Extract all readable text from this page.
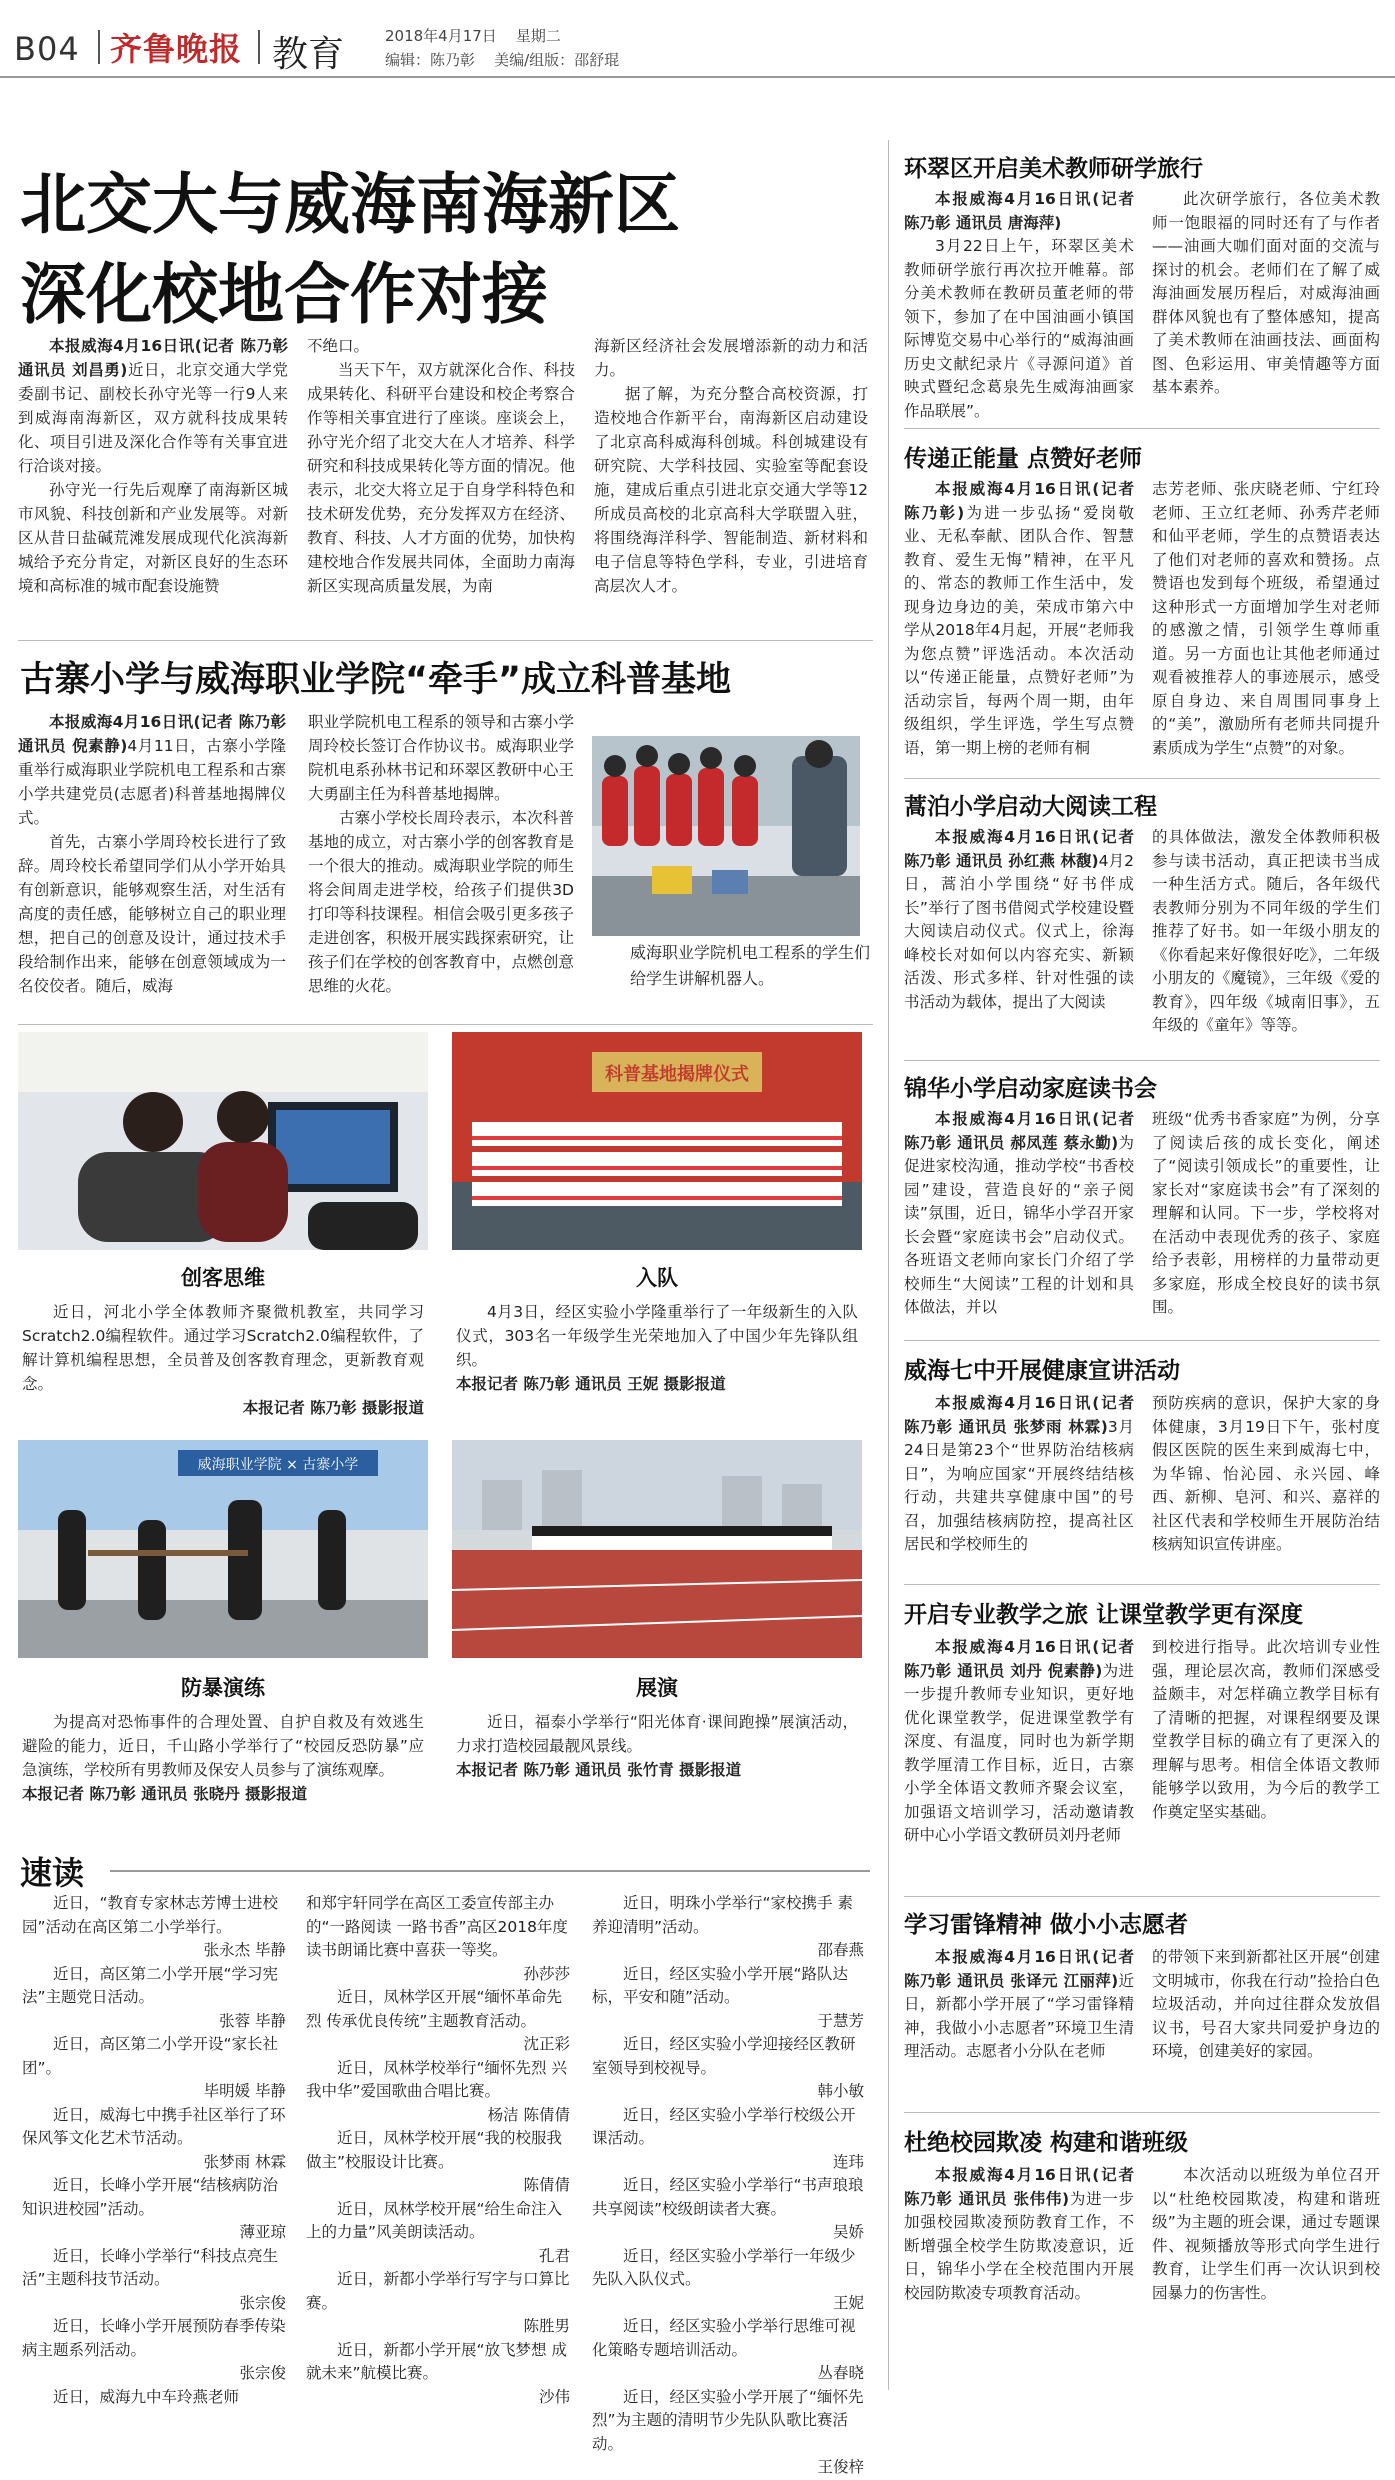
B04 齐鲁晚报 教育	2018年4月17日 星期二
编辑：陈乃彰 美编/组版：邵舒琨
北交大与威海南海新区
深化校地合作对接

本报威海4月16日讯(记者 陈乃彰 通讯员 刘昌勇)近日，北京交通大学党委副书记、副校长孙守光等一行9人来到威海南海新区，双方就科技成果转化、项目引进及深化合作等有关事宜进行洽谈对接。

孙守光一行先后观摩了南海新区城市风貌、科技创新和产业发展等。对新区从昔日盐碱荒滩发展成现代化滨海新城给予充分肯定，对新区良好的生态环境和高标准的城市配套设施赞

不绝口。

当天下午，双方就深化合作、科技成果转化、科研平台建设和校企考察合作等相关事宜进行了座谈。座谈会上，孙守光介绍了北交大在人才培养、科学研究和科技成果转化等方面的情况。他表示，北交大将立足于自身学科特色和技术研发优势，充分发挥双方在经济、教育、科技、人才方面的优势，加快构建校地合作发展共同体，全面助力南海新区实现高质量发展，为南

海新区经济社会发展增添新的动力和活力。

据了解，为充分整合高校资源，打造校地合作新平台，南海新区启动建设了北京高科威海科创城。科创城建设有研究院、大学科技园、实验室等配套设施，建成后重点引进北京交通大学等12所成员高校的北京高科大学联盟入驻，将围绕海洋科学、智能制造、新材料和电子信息等特色学科，专业，引进培育高层次人才。

古寨小学与威海职业学院“牵手”成立科普基地

本报威海4月16日讯(记者 陈乃彰 通讯员 倪素静)4月11日，古寨小学隆重举行威海职业学院机电工程系和古寨小学共建党员(志愿者)科普基地揭牌仪式。

首先，古寨小学周玲校长进行了致辞。周玲校长希望同学们从小学开始具有创新意识，能够观察生活，对生活有高度的责任感，能够树立自己的职业理想，把自己的创意及设计，通过技术手段给制作出来，能够在创意领域成为一名佼佼者。随后，威海

职业学院机电工程系的领导和古寨小学周玲校长签订合作协议书。威海职业学院机电系孙林书记和环翠区教研中心王大勇副主任为科普基地揭牌。

古寨小学校长周玲表示，本次科普基地的成立，对古寨小学的创客教育是一个很大的推动。威海职业学院的师生将会间周走进学校，给孩子们提供3D打印等科技课程。相信会吸引更多孩子走进创客，积极开展实践探索研究，让孩子们在学校的创客教育中，点燃创意思维的火花。

威海职业学院机电工程系的学生们给学生讲解机器人。
创客思维

近日，河北小学全体教师齐聚微机教室，共同学习Scratch2.0编程软件。通过学习Scratch2.0编程软件，了解计算机编程思想，全员普及创客教育理念，更新教育观念。

本报记者 陈乃彰 摄影报道
科普基地揭牌仪式
入队

4月3日，经区实验小学隆重举行了一年级新生的入队仪式，303名一年级学生光荣地加入了中国少年先锋队组织。

本报记者 陈乃彰 通讯员 王妮 摄影报道
威海职业学院 × 古寨小学
防暴演练

为提高对恐怖事件的合理处置、自护自救及有效逃生避险的能力，近日，千山路小学举行了“校园反恐防暴”应急演练，学校所有男教师及保安人员参与了演练观摩。

本报记者 陈乃彰 通讯员 张晓丹 摄影报道
展演

近日，福泰小学举行“阳光体育·课间跑操”展演活动，力求打造校园最靓风景线。

本报记者 陈乃彰 通讯员 张竹青 摄影报道
速读

近日，“教育专家林志芳博士进校园”活动在高区第二小学举行。

张永杰 毕静

近日，高区第二小学开展“学习宪法”主题党日活动。

张蓉 毕静

近日，高区第二小学开设“家长社团”。

毕明媛 毕静

近日，威海七中携手社区举行了环保风筝文化艺术节活动。

张梦雨 林霖

近日，长峰小学开展“结核病防治知识进校园”活动。

薄亚琼

近日，长峰小学举行“科技点亮生活”主题科技节活动。

张宗俊

近日，长峰小学开展预防春季传染病主题系列活动。

张宗俊

近日，威海九中车玲燕老师

和郑宇轩同学在高区工委宣传部主办的“一路阅读 一路书香”高区2018年度读书朗诵比赛中喜获一等奖。

孙莎莎

近日，凤林学区开展“缅怀革命先烈 传承优良传统”主题教育活动。

沈正彩

近日，凤林学校举行“缅怀先烈 兴我中华”爱国歌曲合唱比赛。

杨洁 陈倩倩

近日，凤林学校开展“我的校服我做主”校服设计比赛。

陈倩倩

近日，凤林学校开展“给生命注入上的力量”风美朗读活动。

孔君

近日，新都小学举行写字与口算比赛。

陈胜男

近日，新都小学开展“放飞梦想 成就未来”航模比赛。

沙伟

近日，明珠小学举行“家校携手 素养迎清明”活动。

邵春燕

近日，经区实验小学开展“路队达标，平安和随”活动。

于慧芳

近日，经区实验小学迎接经区教研室领导到校视导。

韩小敏

近日，经区实验小学举行校级公开课活动。

连玮

近日，经区实验小学举行“书声琅琅 共享阅读”校级朗读者大赛。

吴娇

近日，经区实验小学举行一年级少先队入队仪式。

王妮

近日，经区实验小学举行思维可视化策略专题培训活动。

丛春晓

近日，经区实验小学开展了“缅怀先烈”为主题的清明节少先队队歌比赛活动。

王俊梓

环翠区开启美术教师研学旅行

本报威海4月16日讯(记者 陈乃彰 通讯员 唐海萍)

3月22日上午，环翠区美术教师研学旅行再次拉开帷幕。部分美术教师在教研员董老师的带领下，参加了在中国油画小镇国际博览交易中心举行的“威海油画历史文献纪录片《寻源问道》首映式暨纪念葛泉先生威海油画家作品联展”。

此次研学旅行，各位美术教师一饱眼福的同时还有了与作者——油画大咖们面对面的交流与探讨的机会。老师们在了解了威海油画发展历程后，对威海油画群体风貌也有了整体感知，提高了美术教师在油画技法、画面构图、色彩运用、审美情趣等方面基本素养。

传递正能量 点赞好老师

本报威海4月16日讯(记者 陈乃彰)为进一步弘扬“爱岗敬业、无私奉献、团队合作、智慧教育、爱生无悔”精神，在平凡的、常态的教师工作生活中，发现身边身边的美，荣成市第六中学从2018年4月起，开展“老师我为您点赞”评选活动。本次活动以“传递正能量，点赞好老师”为活动宗旨，每两个周一期，由年级组织，学生评选，学生写点赞语，第一期上榜的老师有桐

志芳老师、张庆晓老师、宁红玲老师、王立红老师、孙秀芹老师和仙平老师，学生的点赞语表达了他们对老师的喜欢和赞扬。点赞语也发到每个班级，希望通过这种形式一方面增加学生对老师的感激之情，引领学生尊师重道。另一方面也让其他老师通过观看被推荐人的事迹展示，感受原自身边、来自周围同事身上的“美”，激励所有老师共同提升素质成为学生“点赞”的对象。
蒿泊小学启动大阅读工程

本报威海4月16日讯(记者 陈乃彰 通讯员 孙红燕 林馥)4月2日，蒿泊小学围绕“好书伴成长”举行了图书借阅式学校建设暨大阅读启动仪式。仪式上，徐海峰校长对如何以内容充实、新颖活泼、形式多样、针对性强的读书活动为载体，提出了大阅读

的具体做法，激发全体教师积极参与读书活动，真正把读书当成一种生活方式。随后，各年级代表教师分别为不同年级的学生们推荐了好书。如一年级小朋友的《你看起来好像很好吃》，二年级小朋友的《魔镜》，三年级《爱的教育》，四年级《城南旧事》，五年级的《童年》等等。
锦华小学启动家庭读书会

本报威海4月16日讯(记者 陈乃彰 通讯员 郝凤莲 蔡永勤)为促进家校沟通，推动学校“书香校园”建设，营造良好的“亲子阅读”氛围，近日，锦华小学召开家长会暨“家庭读书会”启动仪式。各班语文老师向家长门介绍了学校师生“大阅读”工程的计划和具体做法，并以

班级“优秀书香家庭”为例，分享了阅读后孩的成长变化，阐述了“阅读引领成长”的重要性，让家长对“家庭读书会”有了深刻的理解和认同。下一步，学校将对在活动中表现优秀的孩子、家庭给予表彰，用榜样的力量带动更多家庭，形成全校良好的读书氛围。
威海七中开展健康宣讲活动

本报威海4月16日讯(记者 陈乃彰 通讯员 张梦雨 林霖)3月24日是第23个“世界防治结核病日”，为响应国家“开展终结结核行动，共建共享健康中国”的号召，加强结核病防控，提高社区居民和学校师生的

预防疾病的意识，保护大家的身体健康，3月19日下午，张村度假区医院的医生来到威海七中，为华锦、怡沁园、永兴园、峰西、新柳、皂河、和兴、嘉祥的社区代表和学校师生开展防治结核病知识宣传讲座。
开启专业教学之旅 让课堂教学更有深度

本报威海4月16日讯(记者 陈乃彰 通讯员 刘丹 倪素静)为进一步提升教师专业知识，更好地优化课堂教学，促进课堂教学有深度、有温度，同时也为新学期教学厘清工作目标，近日，古寨小学全体语文教师齐聚会议室，加强语文培训学习，活动邀请教研中心小学语文教研员刘丹老师

到校进行指导。此次培训专业性强，理论层次高，教师们深感受益颇丰，对怎样确立教学目标有了清晰的把握，对课程纲要及课堂教学目标的确立有了更深入的理解与思考。相信全体语文教师能够学以致用，为今后的教学工作奠定坚实基础。
学习雷锋精神 做小小志愿者

本报威海4月16日讯(记者 陈乃彰 通讯员 张译元 江丽萍)近日，新都小学开展了“学习雷锋精神，我做小小志愿者”环境卫生清理活动。志愿者小分队在老师

的带领下来到新都社区开展“创建文明城市，你我在行动”捡拾白色垃圾活动，并向过往群众发放倡议书，号召大家共同爱护身边的环境，创建美好的家园。
杜绝校园欺凌 构建和谐班级

本报威海4月16日讯(记者 陈乃彰 通讯员 张伟伟)为进一步加强校园欺凌预防教育工作，不断增强全校学生防欺凌意识，近日，锦华小学在全校范围内开展校园防欺凌专项教育活动。

本次活动以班级为单位召开以“杜绝校园欺凌，构建和谐班级”为主题的班会课，通过专题课件、视频播放等形式向学生进行教育，让学生们再一次认识到校园暴力的伤害性。
